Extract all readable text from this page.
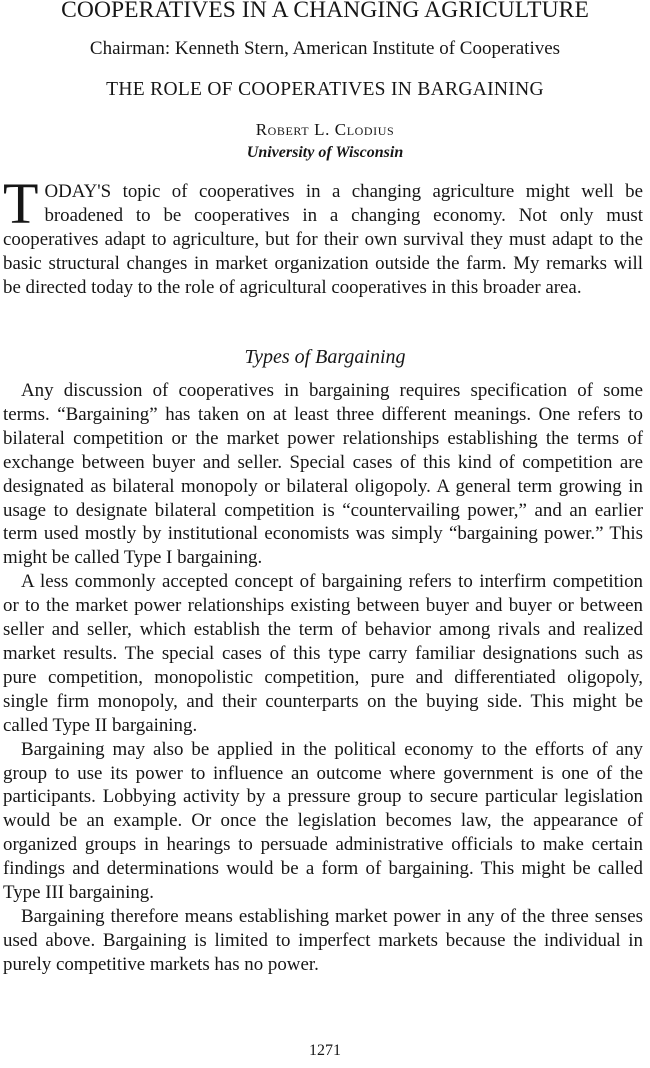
COOPERATIVES IN A CHANGING AGRICULTURE
Chairman: Kenneth Stern, American Institute of Cooperatives
THE ROLE OF COOPERATIVES IN BARGAINING
Robert L. Clodius
University of Wisconsin
TODAY'S topic of cooperatives in a changing agriculture might well be broadened to be cooperatives in a changing economy. Not only must cooperatives adapt to agriculture, but for their own survival they must adapt to the basic structural changes in market organization outside the farm. My remarks will be directed today to the role of agricultural cooperatives in this broader area.
Types of Bargaining

Any discussion of cooperatives in bargaining requires specification of some terms. “Bargaining” has taken on at least three different meanings. One refers to bilateral competition or the market power relationships establishing the terms of exchange between buyer and seller. Special cases of this kind of competition are designated as bilateral monopoly or bilateral oligopoly. A general term growing in usage to designate bilateral competition is “countervailing power,” and an earlier term used mostly by institutional economists was simply “bargaining power.” This might be called Type I bargaining.

A less commonly accepted concept of bargaining refers to interfirm competition or to the market power relationships existing between buyer and buyer or between seller and seller, which establish the term of behavior among rivals and realized market results. The special cases of this type carry familiar designations such as pure competition, monopolistic competition, pure and differentiated oligopoly, single firm monopoly, and their counterparts on the buying side. This might be called Type II bargaining.

Bargaining may also be applied in the political economy to the efforts of any group to use its power to influence an outcome where government is one of the participants. Lobbying activity by a pressure group to secure particular legislation would be an example. Or once the legislation becomes law, the appearance of organized groups in hearings to persuade administrative officials to make certain findings and determinations would be a form of bargaining. This might be called Type III bargaining.

Bargaining therefore means establishing market power in any of the three senses used above. Bargaining is limited to imperfect markets because the individual in purely competitive markets has no power.

1271
